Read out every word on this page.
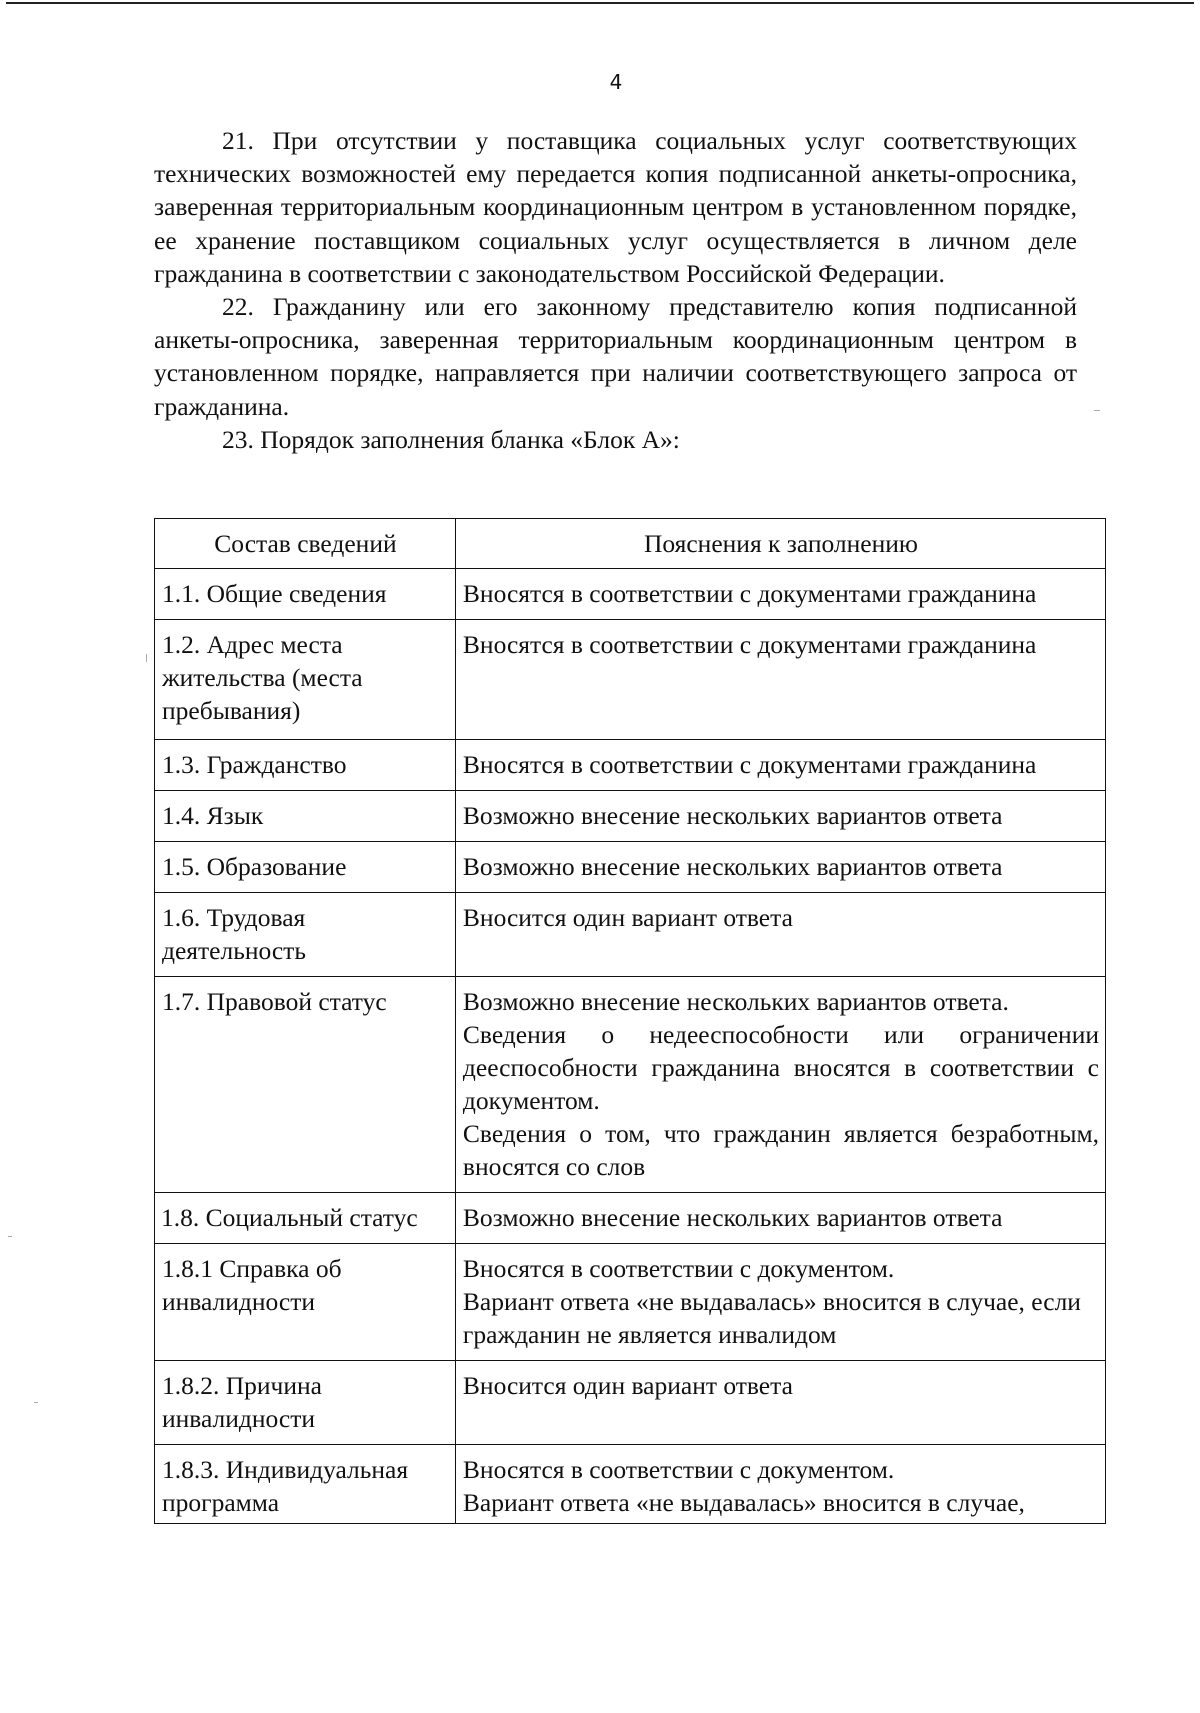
4

21. При отсутствии у поставщика социальных услуг соответствующих технических возможностей ему передается копия подписанной анкеты-опросника, заверенная территориальным координационным центром в установленном порядке, ее хранение поставщиком социальных услуг осуществляется в личном деле гражданина в соответствии с законодательством Российской Федерации.

22. Гражданину или его законному представителю копия подписанной анкеты-опросника, заверенная территориальным координационным центром в установленном порядке, направляется при наличии соответствующего запроса от гражданина.

23. Порядок заполнения бланка «Блок А»:

Состав сведений	Пояснения к заполнению
1.1. Общие сведения	Вносятся в соответствии с документами гражданина

1.2. Адрес места жительства (места пребывания)	Вносятся в соответствии с документами гражданина

1.3. Гражданство	Вносятся в соответствии с документами гражданина

1.4. Язык	Возможно внесение нескольких вариантов ответа

1.5. Образование	Возможно внесение нескольких вариантов ответа

1.6. Трудовая деятельность	Вносится один вариант ответа

1.7. Правовой статус	Возможно внесение нескольких вариантов ответа.
Сведения о недееспособности или ограничении дееспособности гражданина вносятся в соответствии с документом.
Сведения о том, что гражданин является безработным, вносятся со слов

1.8. Социальный статус	Возможно внесение нескольких вариантов ответа

1.8.1 Справка об инвалидности	Вносятся в соответствии с документом.
Вариант ответа «не выдавалась» вносится в случае, если гражданин не является инвалидом

1.8.2. Причина инвалидности	Вносится один вариант ответа

1.8.3. Индивидуальная программа	Вносятся в соответствии с документом.
Вариант ответа «не выдавалась» вносится в случае,
